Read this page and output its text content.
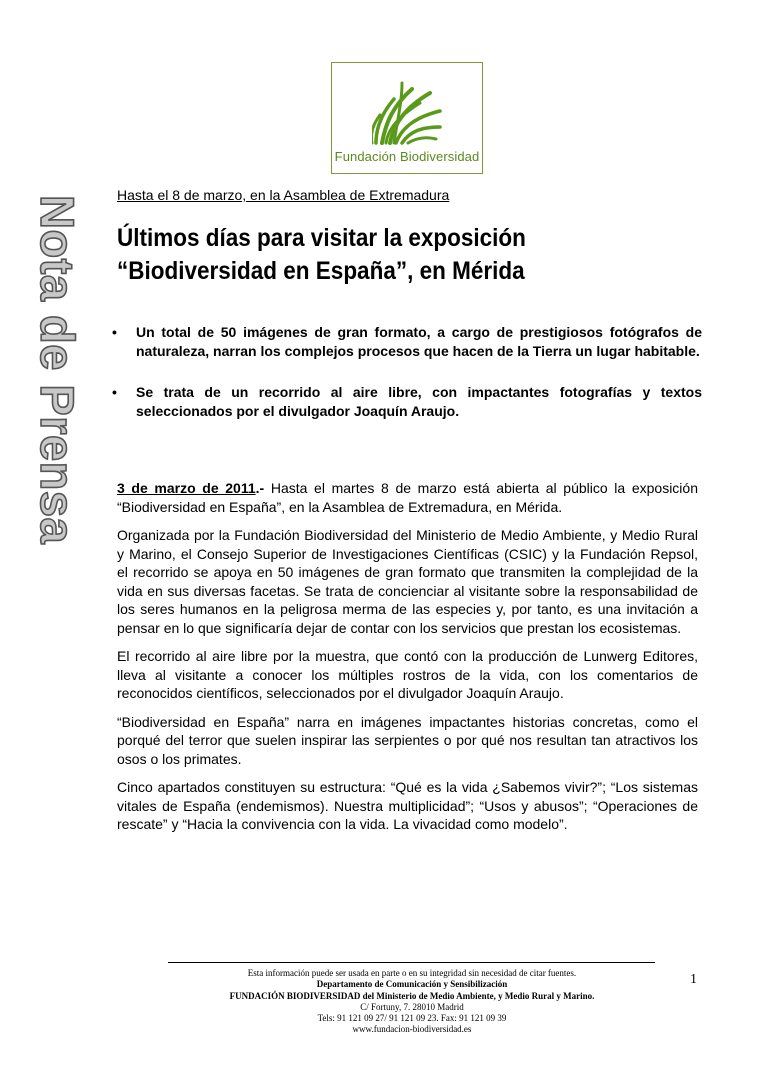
Fundación Biodiversidad
Nota de Prensa Hasta el 8 de marzo, en la Asamblea de Extremadura
Últimos días para visitar la exposición
“Biodiversidad en España”, en Mérida
• Un total de 50 imágenes de gran formato, a cargo de prestigiosos fotógrafos de naturaleza, narran los complejos procesos que hacen de la Tierra un lugar habitable.
• Se trata de un recorrido al aire libre, con impactantes fotografías y textos seleccionados por el divulgador Joaquín Araujo.

3 de marzo de 2011.- Hasta el martes 8 de marzo está abierta al público la exposición “Biodiversidad en España”, en la Asamblea de Extremadura, en Mérida.

Organizada por la Fundación Biodiversidad del Ministerio de Medio Ambiente, y Medio Rural y Marino, el Consejo Superior de Investigaciones Científicas (CSIC) y la Fundación Repsol, el recorrido se apoya en 50 imágenes de gran formato que transmiten la complejidad de la vida en sus diversas facetas. Se trata de concienciar al visitante sobre la responsabilidad de los seres humanos en la peligrosa merma de las especies y, por tanto, es una invitación a pensar en lo que significaría dejar de contar con los servicios que prestan los ecosistemas.

El recorrido al aire libre por la muestra, que contó con la producción de Lunwerg Editores, lleva al visitante a conocer los múltiples rostros de la vida, con los comentarios de reconocidos científicos, seleccionados por el divulgador Joaquín Araujo.

“Biodiversidad en España” narra en imágenes impactantes historias concretas, como el porqué del terror que suelen inspirar las serpientes o por qué nos resultan tan atractivos los osos o los primates.

Cinco apartados constituyen su estructura: “Qué es la vida ¿Sabemos vivir?”; “Los sistemas vitales de España (endemismos). Nuestra multiplicidad”; “Usos y abusos”; “Operaciones de rescate” y “Hacia la convivencia con la vida. La vivacidad como modelo”.

Esta información puede ser usada en parte o en su integridad sin necesidad de citar fuentes.
Departamento de Comunicación y Sensibilización
FUNDACIÓN BIODIVERSIDAD del Ministerio de Medio Ambiente, y Medio Rural y Marino.
C/ Fortuny, 7. 28010 Madrid
Tels: 91 121 09 27/ 91 121 09 23. Fax: 91 121 09 39
www.fundacion-biodiversidad.es
1
